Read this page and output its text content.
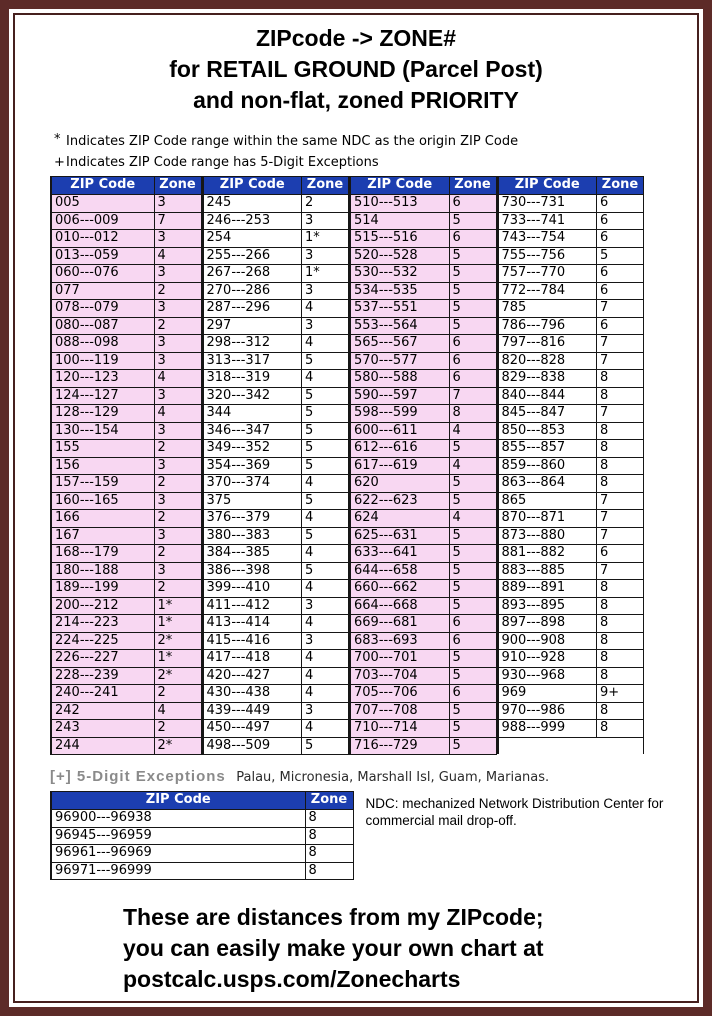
ZIPcode -> ZONE#
for RETAIL GROUND (Parcel Post)
and non-flat, zoned PRIORITY
* Indicates ZIP Code range within the same NDC as the origin ZIP Code
+Indicates ZIP Code range has 5-Digit Exceptions
ZIP Code	Zone
005	3
006---009	7
010---012	3
013---059	4
060---076	3
077	2
078---079	3
080---087	2
088---098	3
100---119	3
120---123	4
124---127	3
128---129	4
130---154	3
155	2
156	3
157---159	2
160---165	3
166	2
167	3
168---179	2
180---188	3
189---199	2
200---212	1*
214---223	1*
224---225	2*
226---227	1*
228---239	2*
240---241	2
242	4
243	2
244	2*
ZIP Code	Zone
245	2
246---253	3
254	1*
255---266	3
267---268	1*
270---286	3
287---296	4
297	3
298---312	4
313---317	5
318---319	4
320---342	5
344	5
346---347	5
349---352	5
354---369	5
370---374	4
375	5
376---379	4
380---383	5
384---385	4
386---398	5
399---410	4
411---412	3
413---414	4
415---416	3
417---418	4
420---427	4
430---438	4
439---449	3
450---497	4
498---509	5
ZIP Code	Zone
510---513	6
514	5
515---516	6
520---528	5
530---532	5
534---535	5
537---551	5
553---564	5
565---567	6
570---577	6
580---588	6
590---597	7
598---599	8
600---611	4
612---616	5
617---619	4
620	5
622---623	5
624	4
625---631	5
633---641	5
644---658	5
660---662	5
664---668	5
669---681	6
683---693	6
700---701	5
703---704	5
705---706	6
707---708	5
710---714	5
716---729	5
ZIP Code	Zone
730---731	6
733---741	6
743---754	6
755---756	5
757---770	6
772---784	6
785	7
786---796	6
797---816	7
820---828	7
829---838	8
840---844	8
845---847	7
850---853	8
855---857	8
859---860	8
863---864	8
865	7
870---871	7
873---880	7
881---882	6
883---885	7
889---891	8
893---895	8
897---898	8
900---908	8
910---928	8
930---968	8
969	9+
970---986	8
988---999	8

[+] 5-Digit Exceptions Palau, Micronesia, Marshall Isl, Guam, Marianas.
ZIP Code	Zone
96900---96938	8
96945---96959	8
96961---96969	8
96971---96999	8
NDC: mechanized Network Distribution Center for commercial mail drop-off.
These are distances from my ZIPcode;
you can easily make your own chart at
postcalc.usps.com/Zonecharts
